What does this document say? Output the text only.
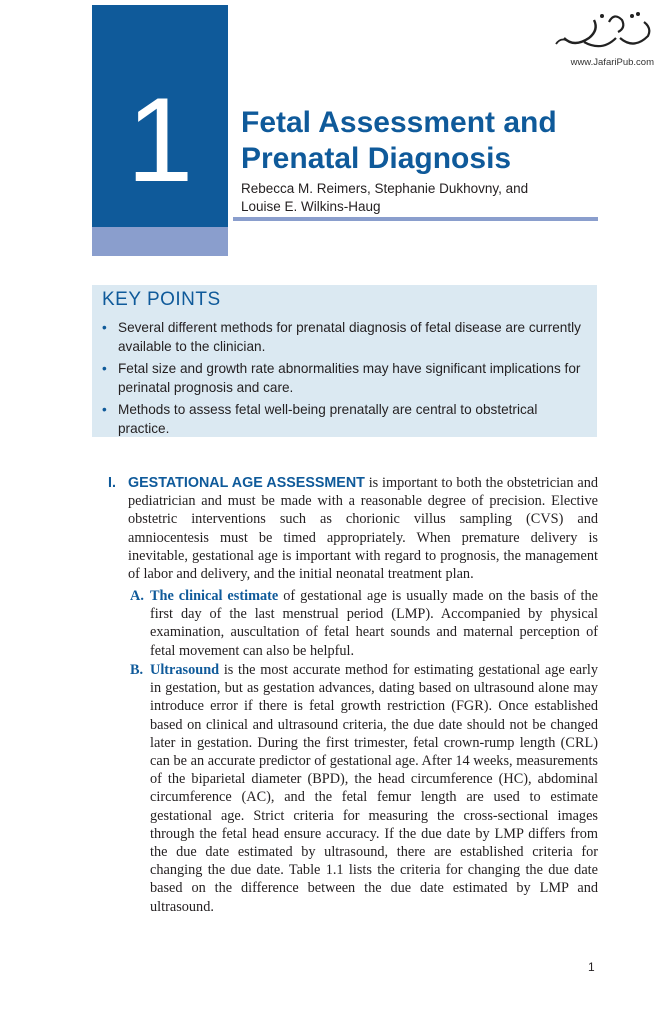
1
www.JafariPub.com
Fetal Assessment and Prenatal Diagnosis
Rebecca M. Reimers, Stephanie Dukhovny, and
Louise E. Wilkins-Haug
KEY POINTS
• Several different methods for prenatal diagnosis of fetal disease are currently available to the clinician.
• Fetal size and growth rate abnormalities may have significant implications for perinatal prognosis and care.
• Methods to assess fetal well-being prenatally are central to obstetrical practice.

I. GESTATIONAL AGE ASSESSMENT is important to both the obstetrician and pediatrician and must be made with a reasonable degree of precision. Elective obstetric interventions such as chorionic villus sampling (CVS) and amniocentesis must be timed appropriately. When premature delivery is inevitable, gestational age is important with regard to prognosis, the management of labor and delivery, and the initial neonatal treatment plan.

A. The clinical estimate of gestational age is usually made on the basis of the first day of the last menstrual period (LMP). Accompanied by physical examination, auscultation of fetal heart sounds and maternal perception of fetal movement can also be helpful.

B. Ultrasound is the most accurate method for estimating gestational age early in gestation, but as gestation advances, dating based on ultrasound alone may introduce error if there is fetal growth restriction (FGR). Once established based on clinical and ultrasound criteria, the due date should not be changed later in gestation. During the first trimester, fetal crown-rump length (CRL) can be an accurate predictor of gestational age. After 14 weeks, measurements of the biparietal diameter (BPD), the head circumference (HC), abdominal circumference (AC), and the fetal femur length are used to estimate gestational age. Strict criteria for measuring the cross-sectional images through the fetal head ensure accuracy. If the due date by LMP differs from the due date estimated by ultrasound, there are established criteria for changing the due date. Table 1.1 lists the criteria for changing the due date based on the difference between the due date estimated by LMP and ultrasound.

1
